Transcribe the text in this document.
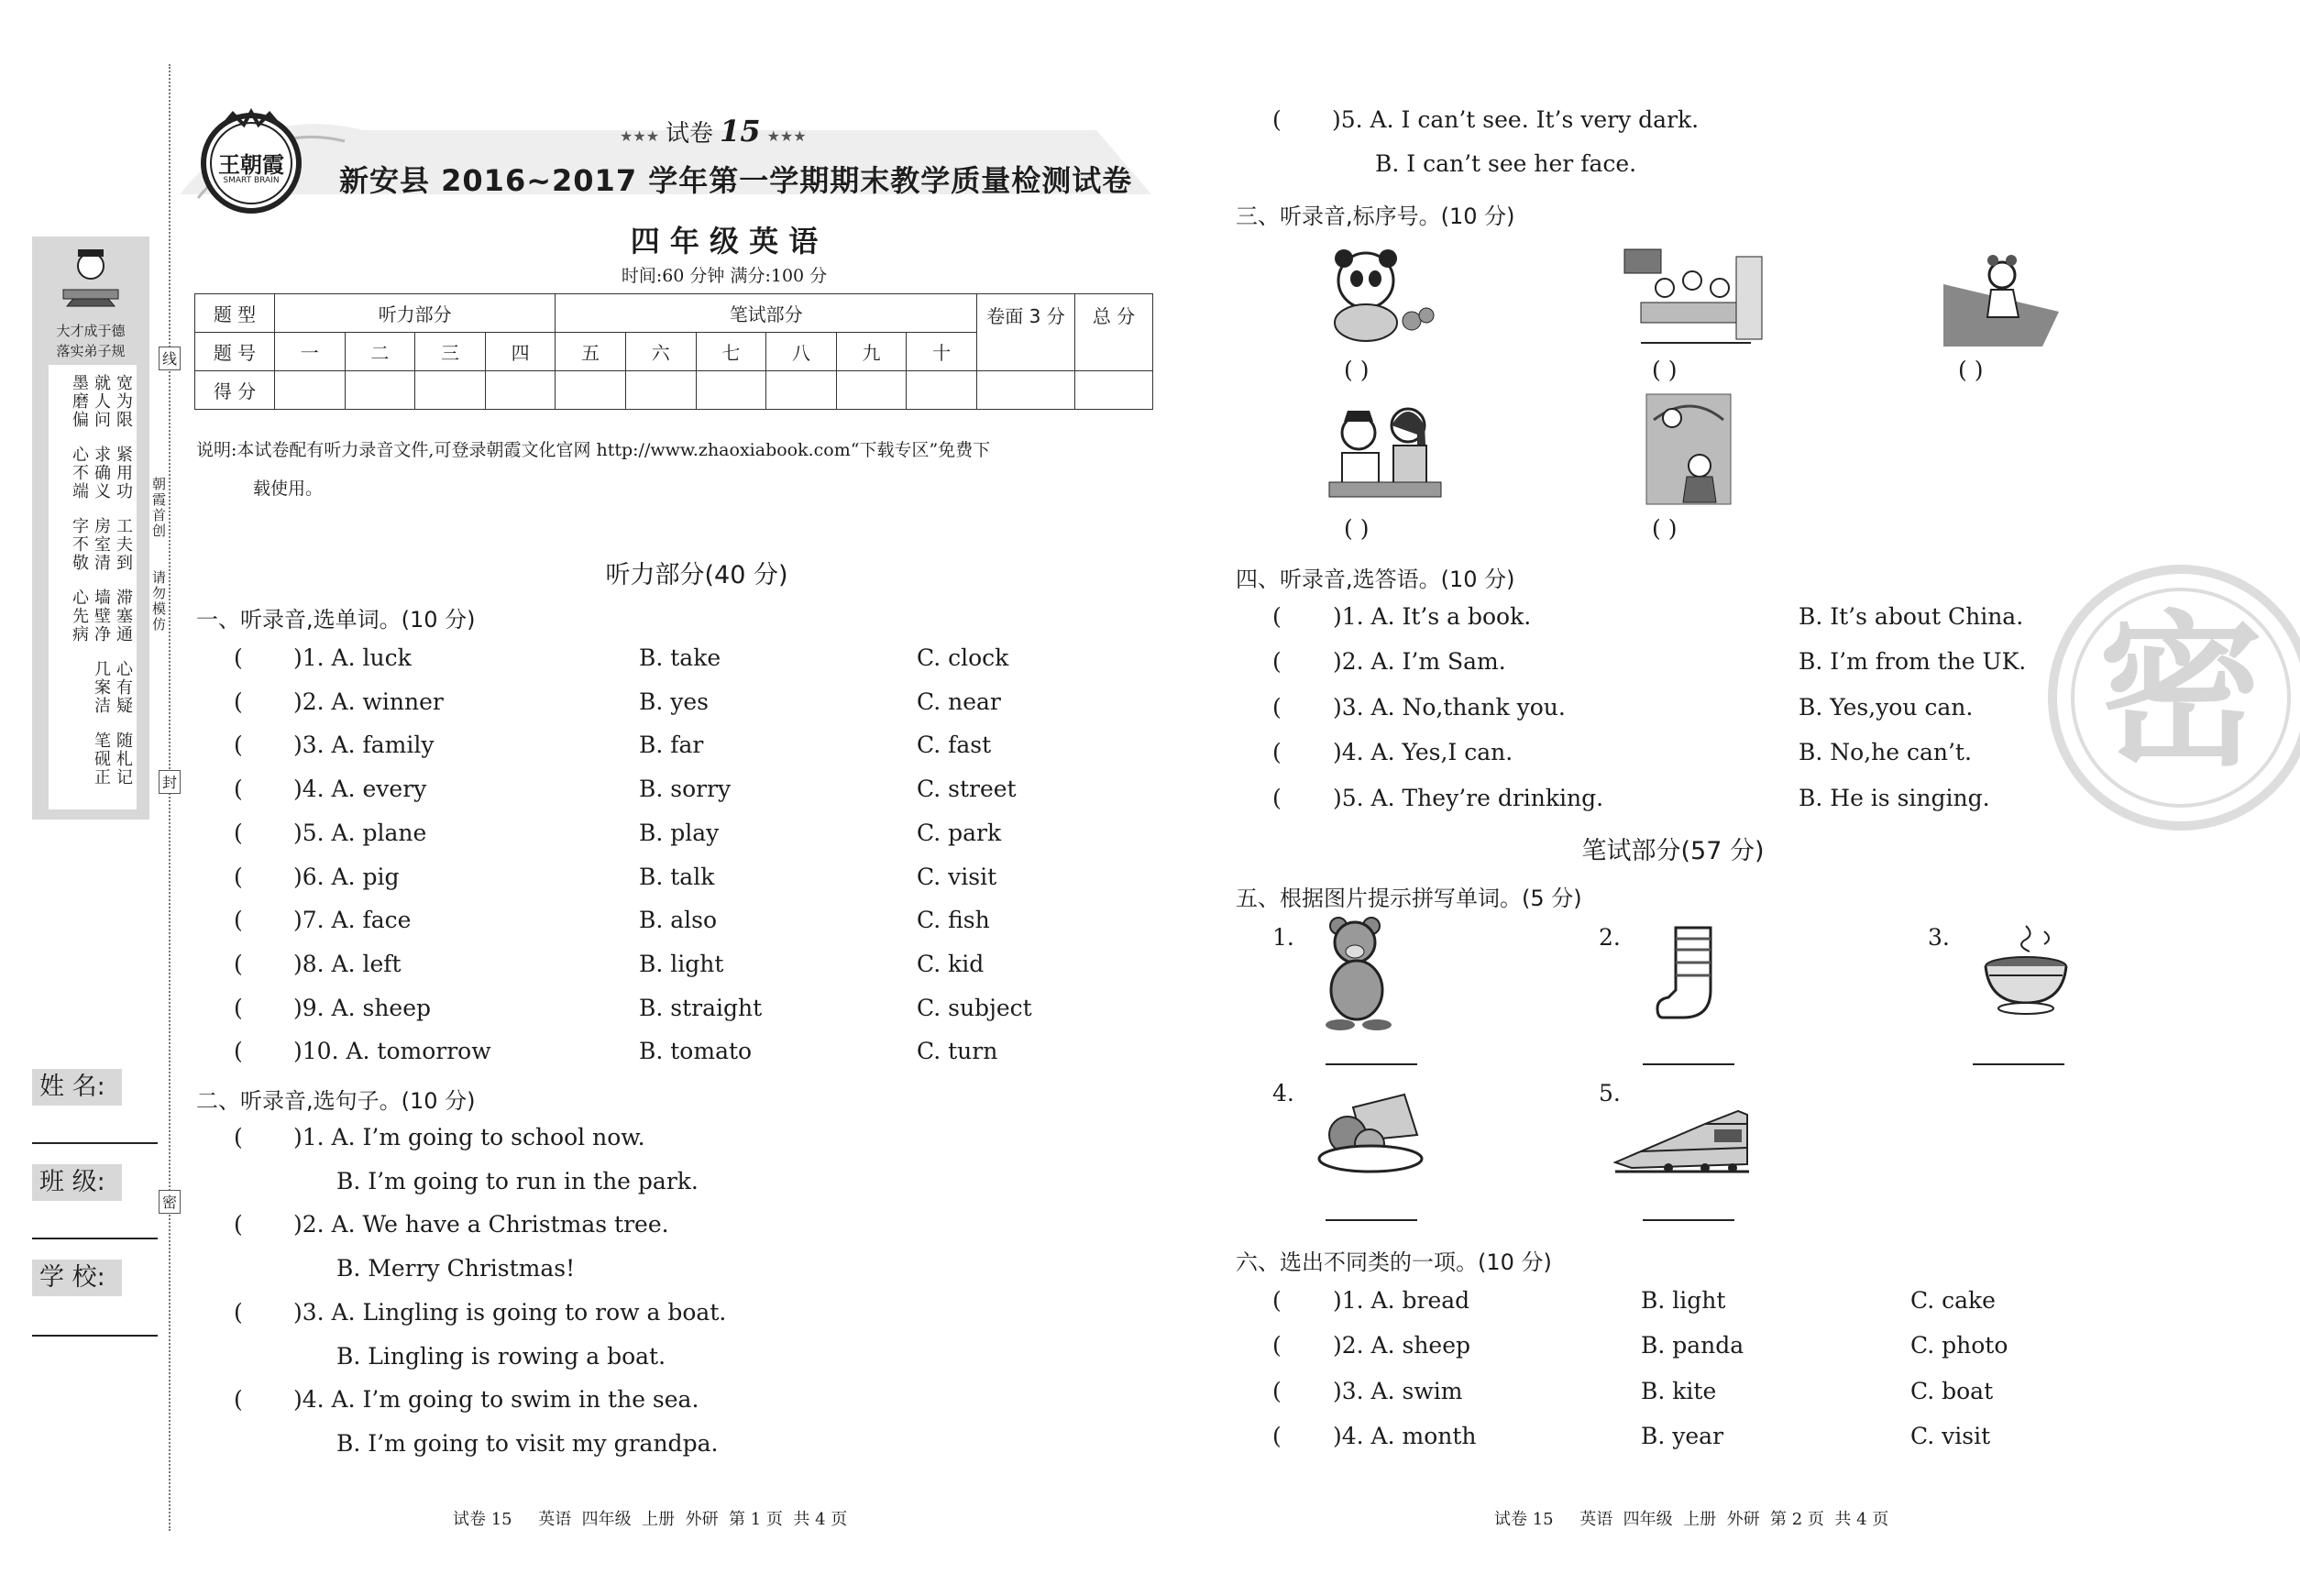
大才成于德
落实弟子规
宽为限
就人问
墨磨偏
紧用功
求确义
心不端
工夫到
房室清
字不敬
滞塞通
墙壁净
心先病
心有疑
几案洁
随札记
笔砚正
朝霞首创
请勿模仿
线
封
密
姓 名:
班 级:
学 校:
王朝霞
SMART BRAIN
★★★ 试卷 15 ★★★
新安县 2016~2017 学年第一学期期末教学质量检测试卷
四 年 级 英 语
时间:60 分钟 满分:100 分
题 型	听力部分				笔试部分						卷面 3 分	总 分
题 号	一	二	三	四	五	六	七	八	九	十		
得 分												
说明:本试卷配有听力录音文件,可登录朝霞文化官网 http://www.zhaoxiabook.com“下载专区”免费下
载使用。
听力部分(40 分)
一、听录音,选单词。(10 分)
( )1. A. luck	B. take	C. clock
( )2. A. winner	B. yes	C. near
( )3. A. family	B. far	C. fast
( )4. A. every	B. sorry	C. street
( )5. A. plane	B. play	C. park
( )6. A. pig	B. talk	C. visit
( )7. A. face	B. also	C. fish
( )8. A. left	B. light	C. kid
( )9. A. sheep	B. straight	C. subject
( )10. A. tomorrow	B. tomato	C. turn
二、听录音,选句子。(10 分)
( )1. A. I’m going to school now.
B. I’m going to run in the park.
( )2. A. We have a Christmas tree.
B. Merry Christmas!
( )3. A. Lingling is going to row a boat.
B. Lingling is rowing a boat.
( )4. A. I’m going to swim in the sea.
B. I’m going to visit my grandpa.
( )5. A. I can’t see. It’s very dark.
B. I can’t see her face.
三、听录音,标序号。(10 分)
( )	( )	( )
( )	( )
四、听录音,选答语。(10 分)
( )1. A. It’s a book.	B. It’s about China.
( )2. A. I’m Sam.	B. I’m from the UK.
( )3. A. No,thank you.	B. Yes,you can.
( )4. A. Yes,I can.	B. No,he can’t.
( )5. A. They’re drinking.	B. He is singing.
笔试部分(57 分)
五、根据图片提示拼写单词。(5 分)
1.	2.	3.
4.	5.
六、选出不同类的一项。(10 分)
( )1. A. bread	B. light	C. cake
( )2. A. sheep	B. panda	C. photo
( )3. A. swim	B. kite	C. boat
( )4. A. month	B. year	C. visit
密
试卷 15     英语  四年级  上册  外研  第 1 页  共 4 页	试卷 15     英语  四年级  上册  外研  第 2 页  共 4 页
